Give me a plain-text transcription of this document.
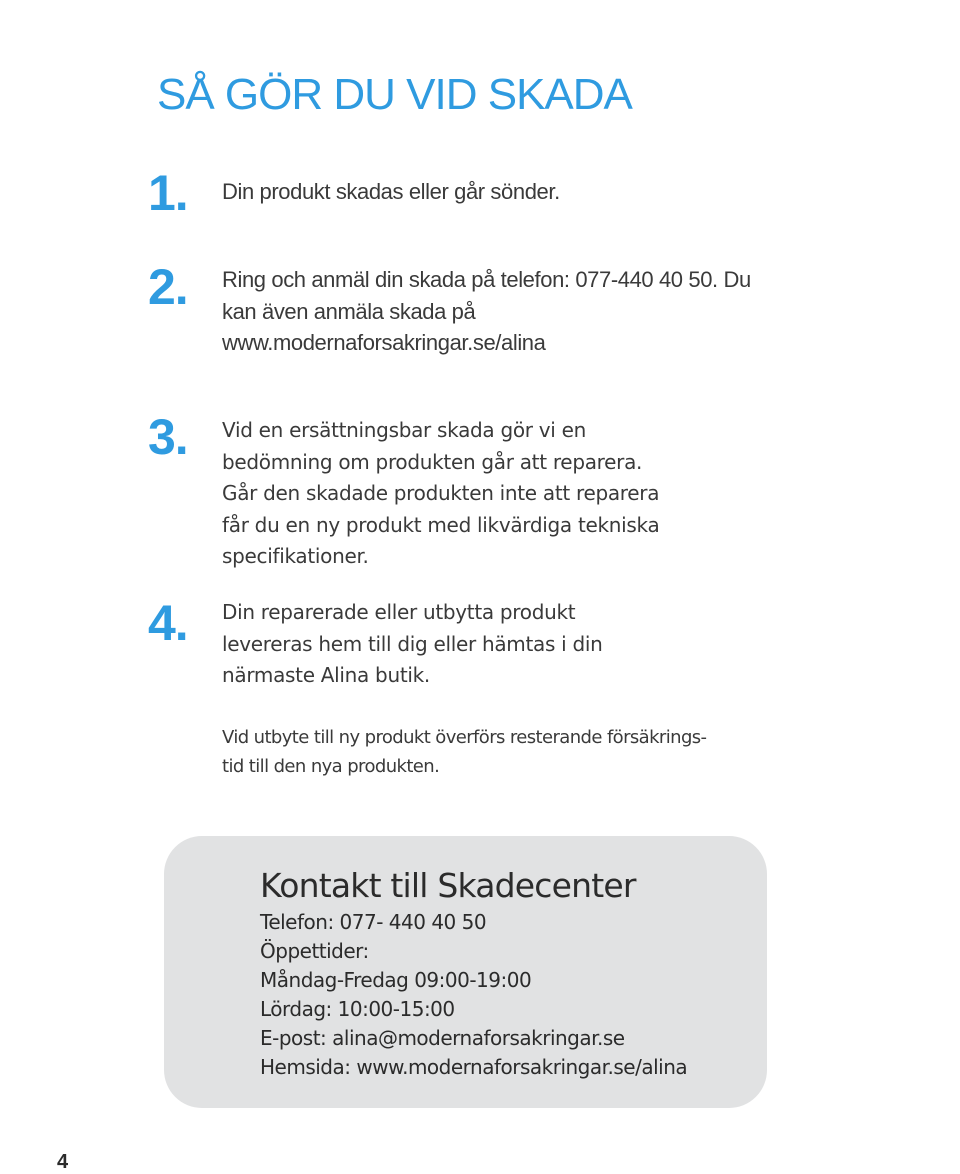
SÅ GÖR DU VID SKADA
1. Din produkt skadas eller går sönder.
2. Ring och anmäl din skada på telefon: 077-440 40 50. Du kan även anmäla skada på www.modernaforsakringar.se/alina
3. Vid en ersättningsbar skada gör vi en bedömning om produkten går att reparera. Går den skadade produkten inte att reparera får du en ny produkt med likvärdiga tekniska specifikationer.
4. Din reparerade eller utbytta produkt levereras hem till dig eller hämtas i din närmaste Alina butik.
Vid utbyte till ny produkt överförs resterande försäkrings-tid till den nya produkten.
Kontakt till Skadecenter
Telefon: 077- 440 40 50
Öppettider:
Måndag-Fredag 09:00-19:00
Lördag: 10:00-15:00
E-post: alina@modernaforsakringar.se
Hemsida: www.modernaforsakringar.se/alina
4
